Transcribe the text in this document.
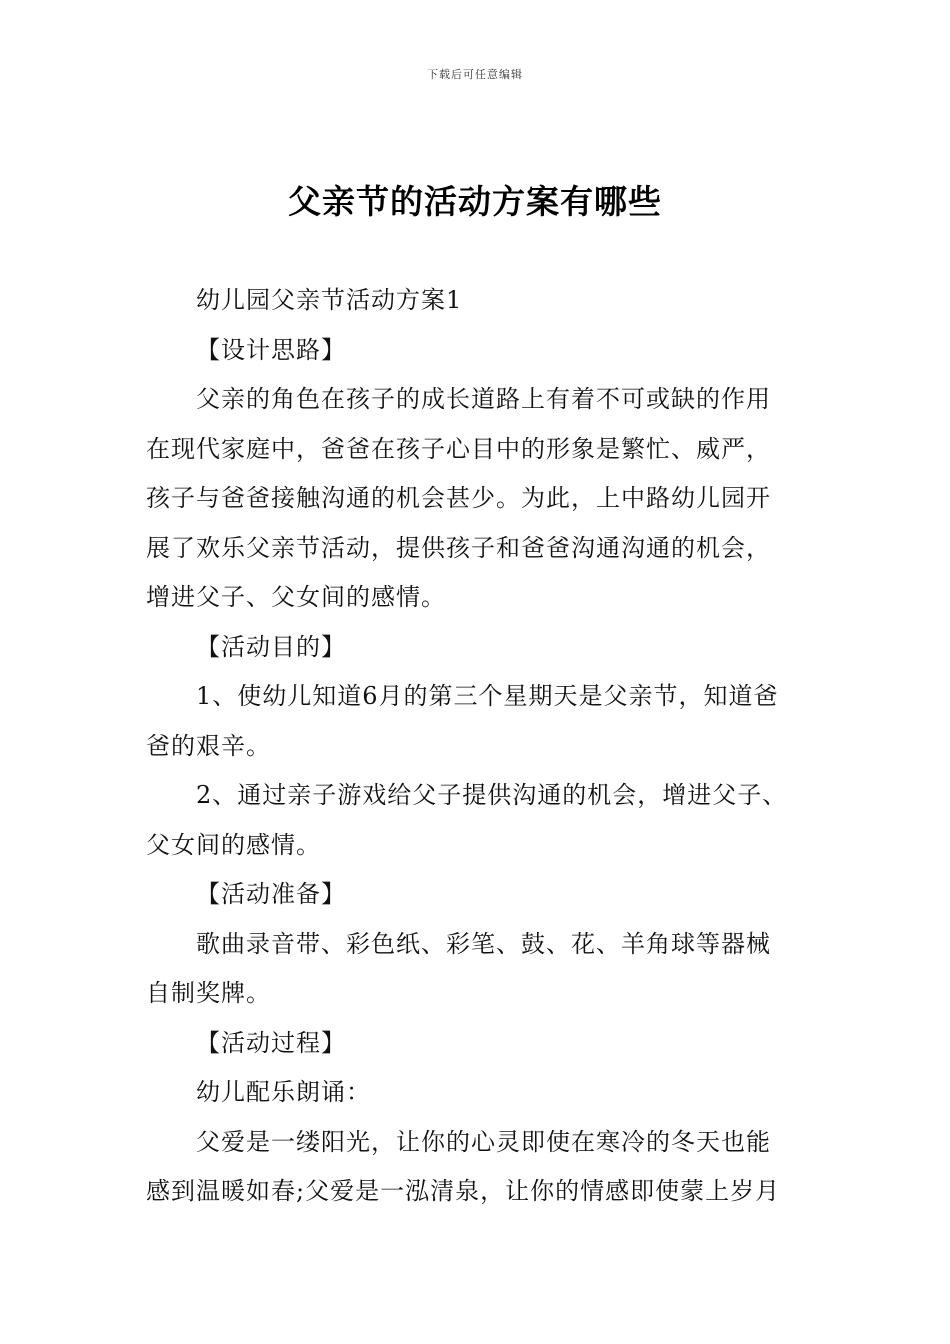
下载后可任意编辑
父亲节的活动方案有哪些

幼儿园父亲节活动方案1

【设计思路】

父亲的角色在孩子的成长道路上有着不可或缺的作用
在现代家庭中，爸爸在孩子心目中的形象是繁忙、威严，
孩子与爸爸接触沟通的机会甚少。为此，上中路幼儿园开
展了欢乐父亲节活动，提供孩子和爸爸沟通沟通的机会，
增进父子、父女间的感情。

【活动目的】

1、使幼儿知道6月的第三个星期天是父亲节，知道爸
爸的艰辛。

2、通过亲子游戏给父子提供沟通的机会，增进父子、
父女间的感情。

【活动准备】

歌曲录音带、彩色纸、彩笔、鼓、花、羊角球等器械
自制奖牌。

【活动过程】

幼儿配乐朗诵：

父爱是一缕阳光，让你的心灵即使在寒冷的冬天也能
感到温暖如春;父爱是一泓清泉，让你的情感即使蒙上岁月
